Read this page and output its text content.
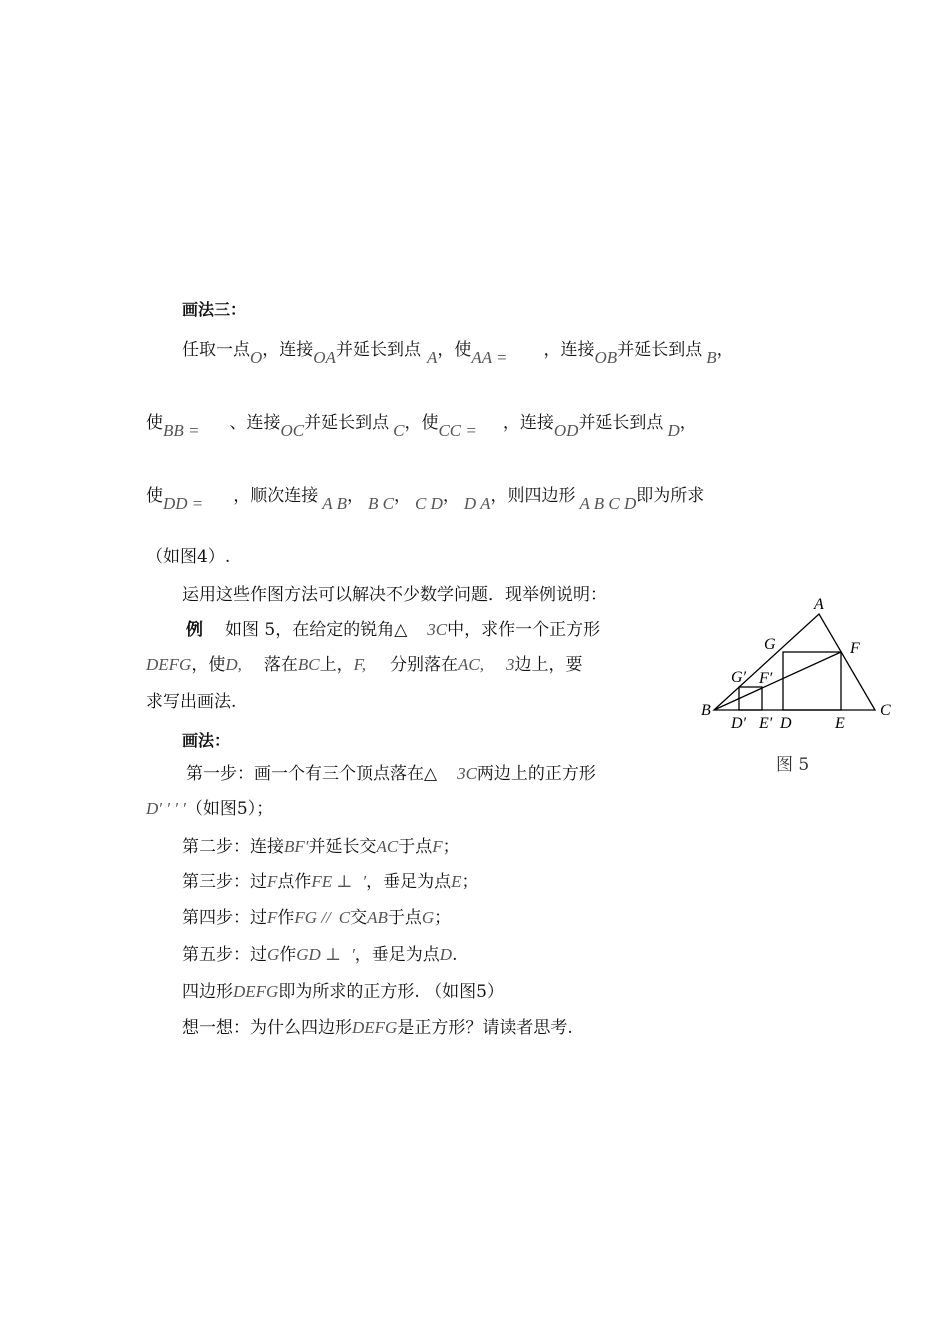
画法三：
任取一点O，连接OA并延长到点 A，使AA = ，连接OB并延长到点 B，
使BB = 、连接OC并延长到点 C，使CC = ，连接OD并延长到点 D，
使DD = ，顺次连接 A B， B C， C D， D A，则四边形 A B C D即为所求
（如图4）.
运用这些作图方法可以解决不少数学问题．现举例说明：
例 如图 5，在给定的锐角△ 3C中，求作一个正方形
DEFG，使D, 落在BC上，F, 分别落在AC, 3边上，要
求写出画法.
画法：
第一步：画一个有三个顶点落在△ 3C两边上的正方形
D′ ′ ′ ′（如图5）；
第二步：连接BF′并延长交AC于点F；
第三步：过F点作FE ⊥ ′，垂足为点E；
第四步：过F作FG // C交AB于点G；
第五步：过G作GD ⊥ ′，垂足为点D.
四边形DEFG即为所求的正方形. （如图5）
想一想：为什么四边形DEFG是正方形？请读者思考.
A
B	C
G	F
G′ F′
D′ E′ D	E
图 5
